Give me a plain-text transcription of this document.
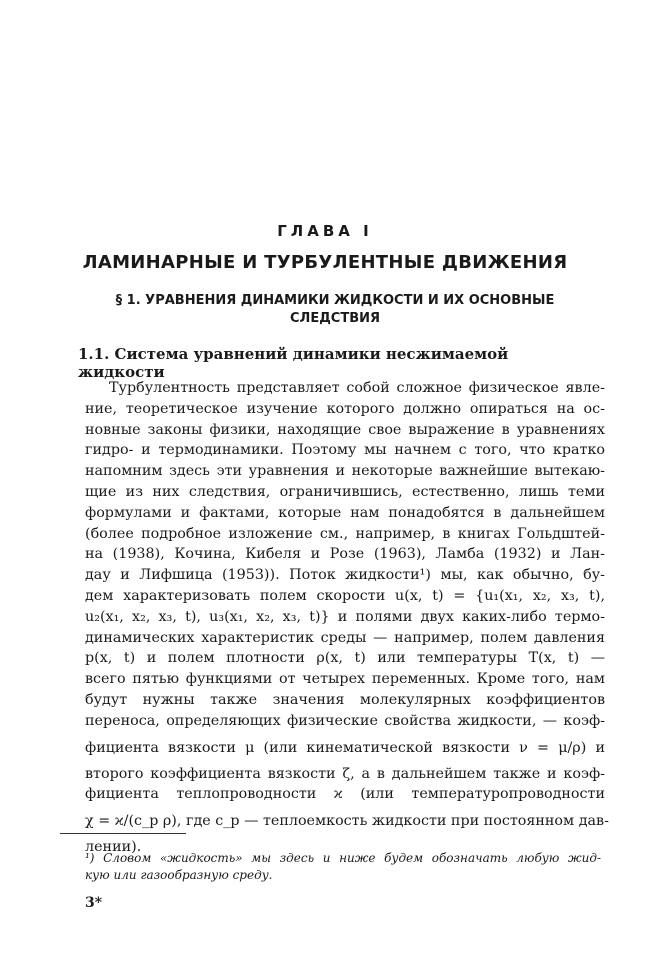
ГЛАВА I
ЛАМИНАРНЫЕ И ТУРБУЛЕНТНЫЕ ДВИЖЕНИЯ
§ 1. УРАВНЕНИЯ ДИНАМИКИ ЖИДКОСТИ И ИХ ОСНОВНЫЕ
СЛЕДСТВИЯ
1.1. Система уравнений динамики несжимаемой жидкости
Турбулентность представляет собой сложное физическое явле-
ние, теоретическое изучение которого должно опираться на ос-
новные законы физики, находящие свое выражение в уравнениях
гидро- и термодинамики. Поэтому мы начнем с того, что кратко
напомним здесь эти уравнения и некоторые важнейшие вытекаю-
щие из них следствия, ограничившись, естественно, лишь теми
формулами и фактами, которые нам понадобятся в дальнейшем
(более подробное изложение см., например, в книгах Гольдштей-
на (1938), Кочина, Кибеля и Розе (1963), Ламба (1932) и Лан-
дау и Лифшица (1953)). Поток жидкости¹) мы, как обычно, бу-
дем характеризовать полем скорости u(x, t) = {u₁(x₁, x₂, x₃, t),
u₂(x₁, x₂, x₃, t), u₃(x₁, x₂, x₃, t)} и полями двух каких-либо термо-
динамических характеристик среды — например, полем давления
p(x, t) и полем плотности ρ(x, t) или температуры T(x, t) —
всего пятью функциями от четырех переменных. Кроме того, нам
будут нужны также значения молекулярных коэффициентов
переноса, определяющих физические свойства жидкости, — коэф-
фициента вязкости μ (или кинематической вязкости ν = μ/ρ) и
второго коэффициента вязкости ζ, а в дальнейшем также и коэф-
фициента теплопроводности ϰ (или температуропроводности
χ = ϰ/(c_p ρ), где c_p — теплоемкость жидкости при постоянном дав-
лении).
¹) Словом «жидкость» мы здесь и ниже будем обозначать любую жид-
кую или газообразную среду.
3*
